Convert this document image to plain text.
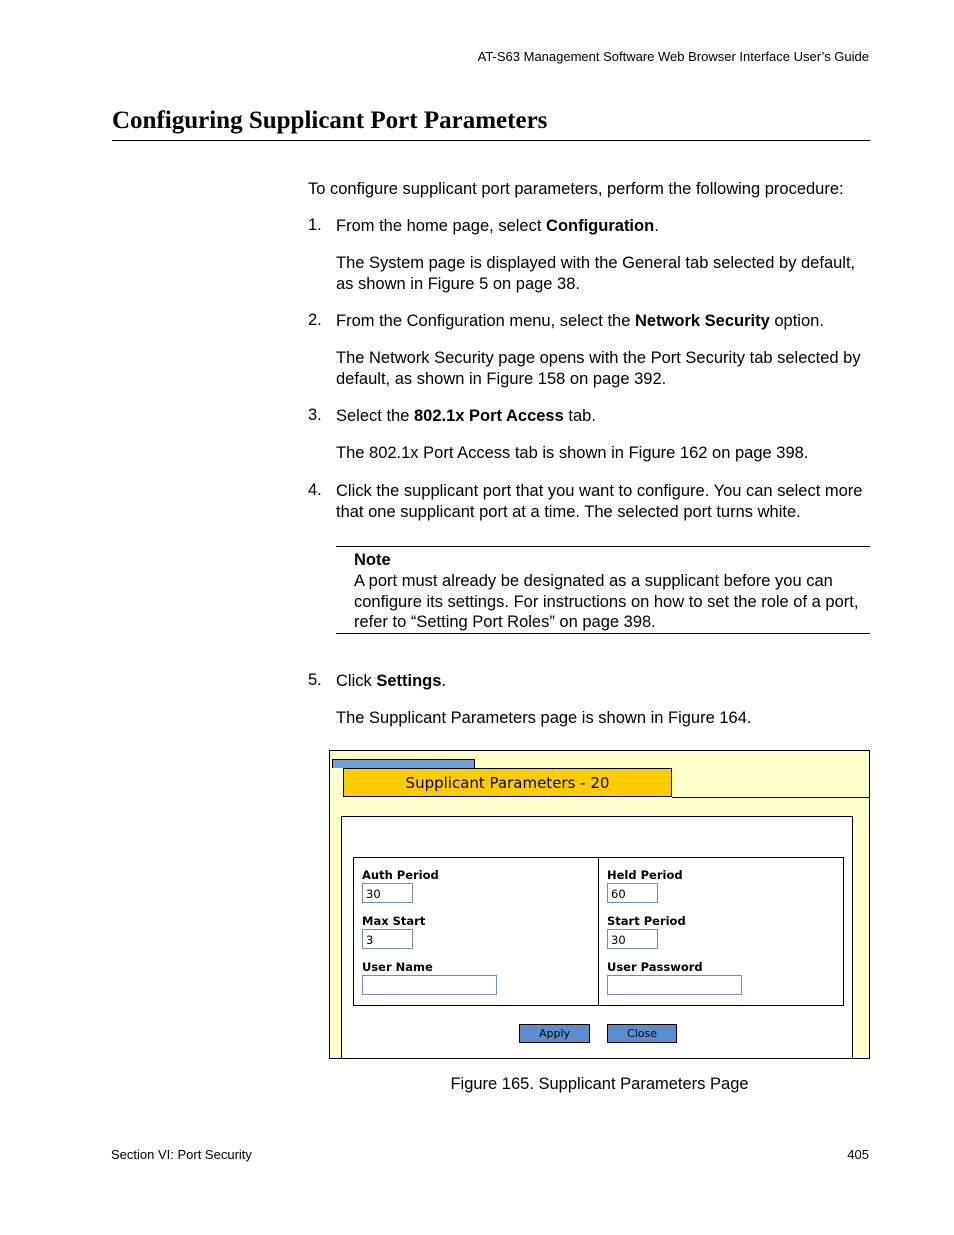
AT-S63 Management Software Web Browser Interface User’s Guide
Configuring Supplicant Port Parameters
To configure supplicant port parameters, perform the following procedure:
1. From the home page, select Configuration.
The System page is displayed with the General tab selected by default, as shown in Figure 5 on page 38.
2. From the Configuration menu, select the Network Security option.
The Network Security page opens with the Port Security tab selected by default, as shown in Figure 158 on page 392.
3. Select the 802.1x Port Access tab.
The 802.1x Port Access tab is shown in Figure 162 on page 398.
4. Click the supplicant port that you want to configure. You can select more that one supplicant port at a time. The selected port turns white.
Note
A port must already be designated as a supplicant before you can configure its settings. For instructions on how to set the role of a port, refer to “Setting Port Roles” on page 398.
5. Click Settings.
The Supplicant Parameters page is shown in Figure 164.
Supplicant Parameters - 20
Auth Period
30
Max Start
3
User Name
Held Period
60
Start Period
30
User Password
Apply	Close
Figure 165. Supplicant Parameters Page
Section VI: Port Security	405
